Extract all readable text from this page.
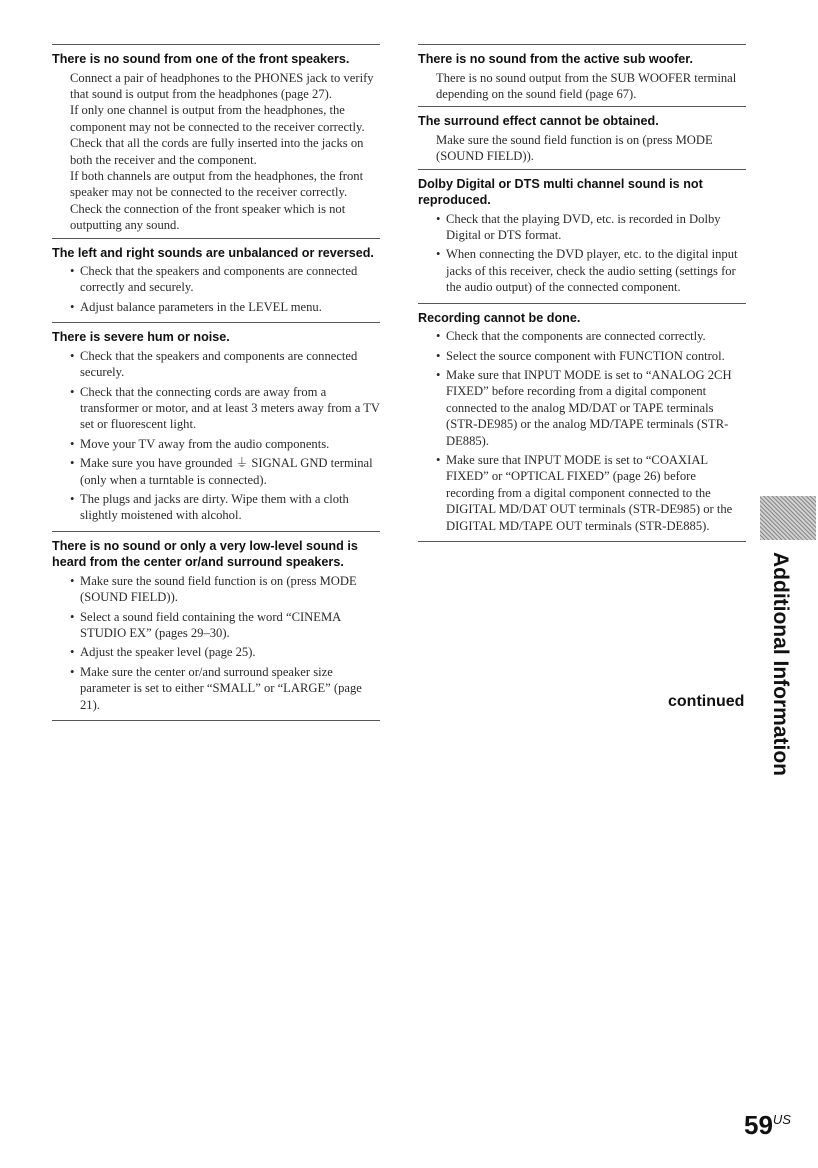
There is no sound from one of the front speakers.

Connect a pair of headphones to the PHONES jack to verify that sound is output from the headphones (page 27).

If only one channel is output from the headphones, the component may not be connected to the receiver correctly. Check that all the cords are fully inserted into the jacks on both the receiver and the component.

If both channels are output from the headphones, the front speaker may not be connected to the receiver correctly. Check the connection of the front speaker which is not outputting any sound.

The left and right sounds are unbalanced or reversed.
• Check that the speakers and components are connected correctly and securely.
• Adjust balance parameters in the LEVEL menu.
There is severe hum or noise.
• Check that the speakers and components are connected securely.
• Check that the connecting cords are away from a transformer or motor, and at least 3 meters away from a TV set or fluorescent light.
• Move your TV away from the audio components.
• Make sure you have grounded ⏚ SIGNAL GND terminal (only when a turntable is connected).
• The plugs and jacks are dirty. Wipe them with a cloth slightly moistened with alcohol.
There is no sound or only a very low-level sound is heard from the center or/and surround speakers.
• Make sure the sound field function is on (press MODE (SOUND FIELD)).
• Select a sound field containing the word “CINEMA STUDIO EX” (pages 29–30).
• Adjust the speaker level (page 25).
• Make sure the center or/and surround speaker size parameter is set to either “SMALL” or “LARGE” (page 21).
There is no sound from the active sub woofer.

There is no sound output from the SUB WOOFER terminal depending on the sound field (page 67).

The surround effect cannot be obtained.

Make sure the sound field function is on (press MODE (SOUND FIELD)).

Dolby Digital or DTS multi channel sound is not reproduced.
• Check that the playing DVD, etc. is recorded in Dolby Digital or DTS format.
• When connecting the DVD player, etc. to the digital input jacks of this receiver, check the audio setting (settings for the audio output) of the connected component.
Recording cannot be done.
• Check that the components are connected correctly.
• Select the source component with FUNCTION control.
• Make sure that INPUT MODE is set to “ANALOG 2CH FIXED” before recording from a digital component connected to the analog MD/DAT or TAPE terminals (STR-DE985) or the analog MD/TAPE terminals (STR-DE885).
• Make sure that INPUT MODE is set to “COAXIAL FIXED” or “OPTICAL FIXED” (page 26) before recording from a digital component connected to the DIGITAL MD/DAT OUT terminals (STR-DE985) or the DIGITAL MD/TAPE OUT terminals (STR-DE885).
continued Additional Information
$59^{US}$
